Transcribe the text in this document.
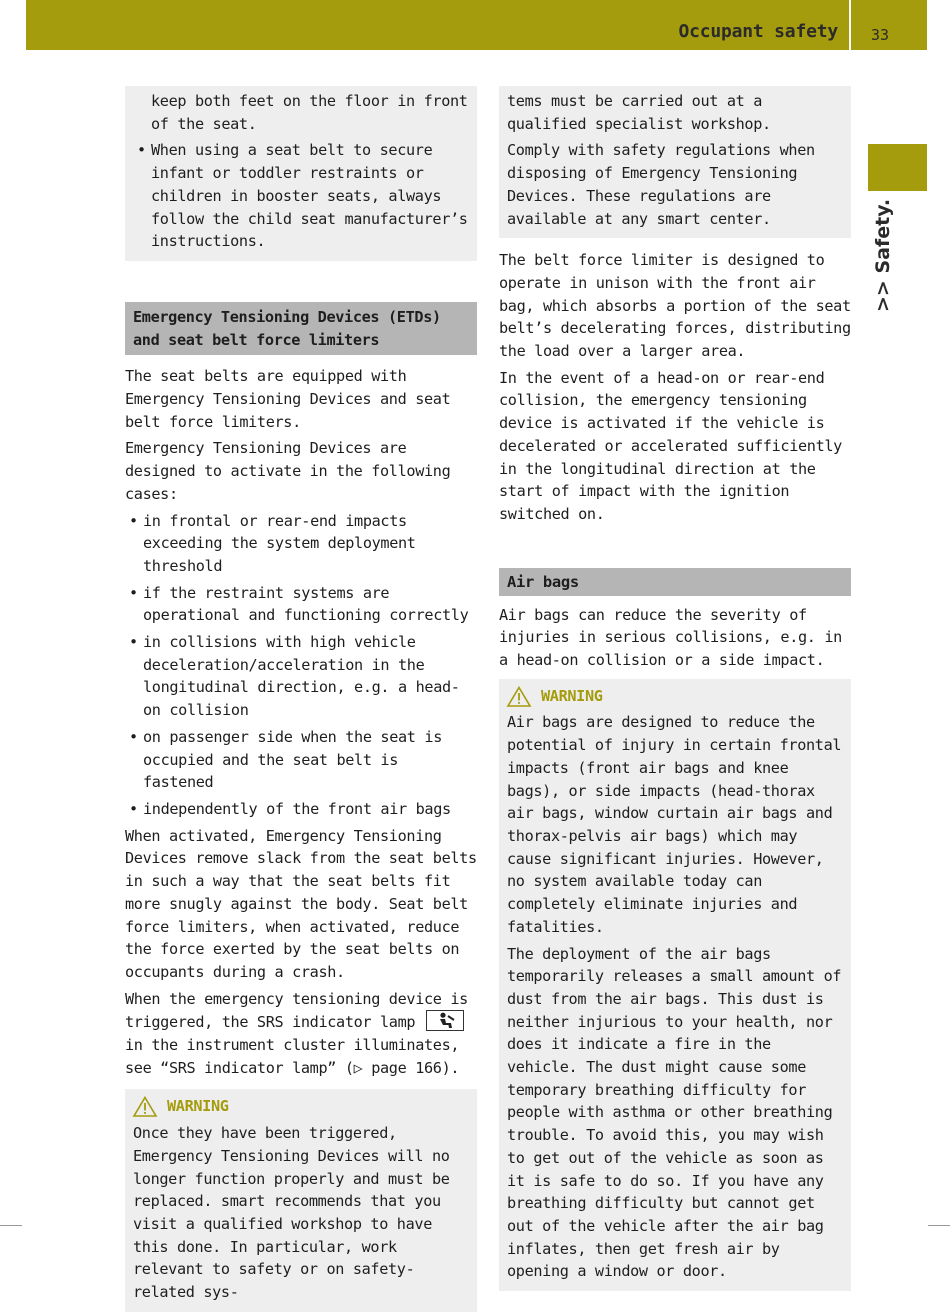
Occupant safety 33
>> Safety.
keep both feet on the floor in front of the seat.
• When using a seat belt to secure infant or toddler restraints or children in booster seats, always follow the child seat manufacturer’s instructions.
Emergency Tensioning Devices (ETDs) and seat belt force limiters
The seat belts are equipped with Emergency Tensioning Devices and seat belt force limiters.
Emergency Tensioning Devices are designed to activate in the following cases:
• in frontal or rear-end impacts exceeding the system deployment threshold
• if the restraint systems are operational and functioning correctly
• in collisions with high vehicle deceleration/acceleration in the longitudinal direction, e.g. a head-on collision
• on passenger side when the seat is occupied and the seat belt is fastened
• independently of the front air bags
When activated, Emergency Tensioning Devices remove slack from the seat belts in such a way that the seat belts fit more snugly against the body. Seat belt force limiters, when activated, reduce the force exerted by the seat belts on occupants during a crash.
When the emergency tensioning device is triggered, the SRS indicator lamp
in the instrument cluster illuminates, see “SRS indicator lamp” (▷ page 166).
WARNING
Once they have been triggered, Emergency Tensioning Devices will no longer function properly and must be replaced. smart recommends that you visit a qualified workshop to have this done. In particular, work relevant to safety or on safety-related sys-
tems must be carried out at a qualified specialist workshop.
Comply with safety regulations when disposing of Emergency Tensioning Devices. These regulations are available at any smart center.
The belt force limiter is designed to operate in unison with the front air bag, which absorbs a portion of the seat belt’s decelerating forces, distributing the load over a larger area.
In the event of a head-on or rear-end collision, the emergency tensioning device is activated if the vehicle is decelerated or accelerated sufficiently in the longitudinal direction at the start of impact with the ignition switched on.
Air bags
Air bags can reduce the severity of injuries in serious collisions, e.g. in a head-on collision or a side impact.
WARNING
Air bags are designed to reduce the potential of injury in certain frontal impacts (front air bags and knee bags), or side impacts (head-thorax air bags, window curtain air bags and thorax-pelvis air bags) which may cause significant injuries. However, no system available today can completely eliminate injuries and fatalities.
The deployment of the air bags temporarily releases a small amount of dust from the air bags. This dust is neither injurious to your health, nor does it indicate a fire in the vehicle. The dust might cause some temporary breathing difficulty for people with asthma or other breathing trouble. To avoid this, you may wish to get out of the vehicle as soon as it is safe to do so. If you have any breathing difficulty but cannot get out of the vehicle after the air bag inflates, then get fresh air by opening a window or door.
